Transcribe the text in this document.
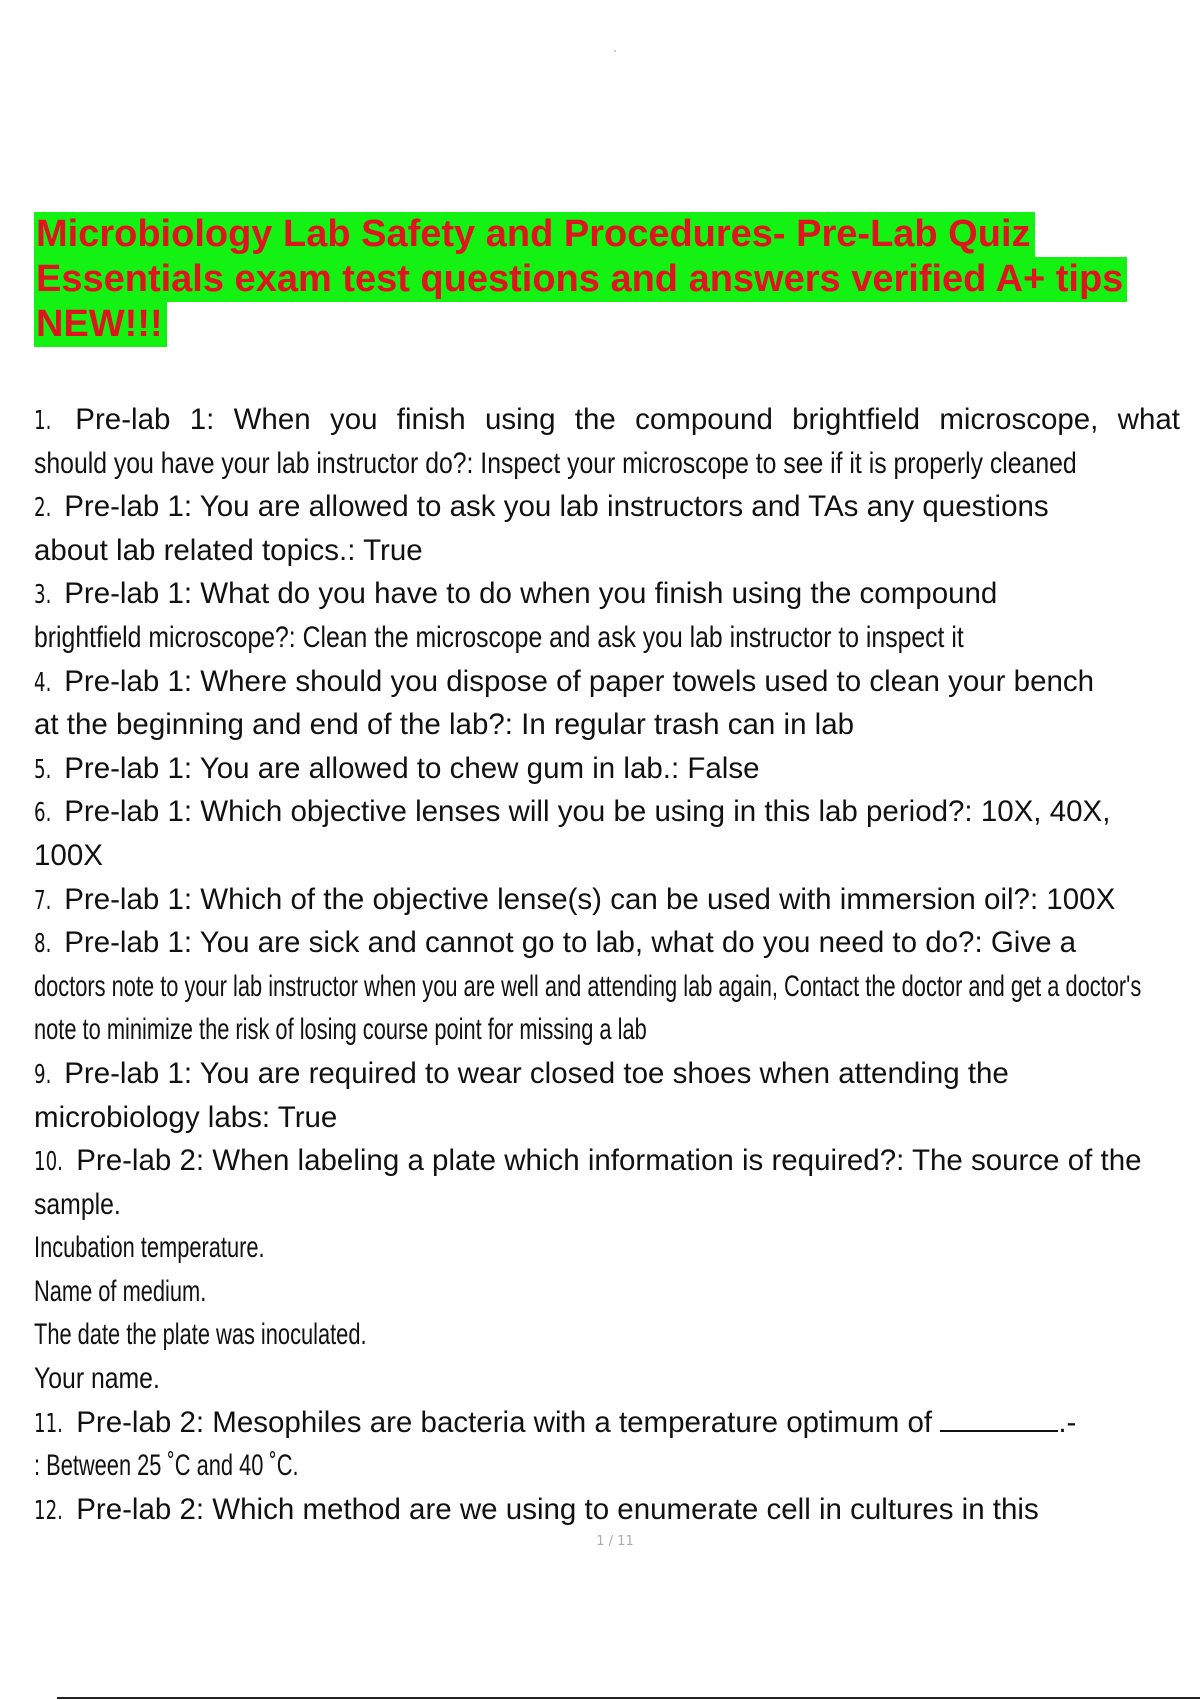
Microbiology Lab Safety and Procedures- Pre-Lab Quiz
Essentials exam test questions and answers verified A+ tips
NEW!!!
1. Pre-lab 1: When you finish using the compound brightfield microscope, what
should you have your lab instructor do?: Inspect your microscope to see if it is properly cleaned
2. Pre-lab 1: You are allowed to ask you lab instructors and TAs any questions
about lab related topics.: True
3. Pre-lab 1: What do you have to do when you finish using the compound
brightfield microscope?: Clean the microscope and ask you lab instructor to inspect it
4. Pre-lab 1: Where should you dispose of paper towels used to clean your bench
at the beginning and end of the lab?: In regular trash can in lab
5. Pre-lab 1: You are allowed to chew gum in lab.: False
6. Pre-lab 1: Which objective lenses will you be using in this lab period?: 10X, 40X,
100X
7. Pre-lab 1: Which of the objective lense(s) can be used with immersion oil?: 100X
8. Pre-lab 1: You are sick and cannot go to lab, what do you need to do?: Give a
doctors note to your lab instructor when you are well and attending lab again, Contact the doctor and get a doctor's
note to minimize the risk of losing course point for missing a lab
9. Pre-lab 1: You are required to wear closed toe shoes when attending the
microbiology labs: True
10. Pre-lab 2: When labeling a plate which information is required?: The source of the
sample.
Incubation temperature.
Name of medium.
The date the plate was inoculated.
Your name.
11. Pre-lab 2: Mesophiles are bacteria with a temperature optimum of	.-
: Between 25 ˚C and 40 ˚C.
12. Pre-lab 2: Which method are we using to enumerate cell in cultures in this
1 / 11
